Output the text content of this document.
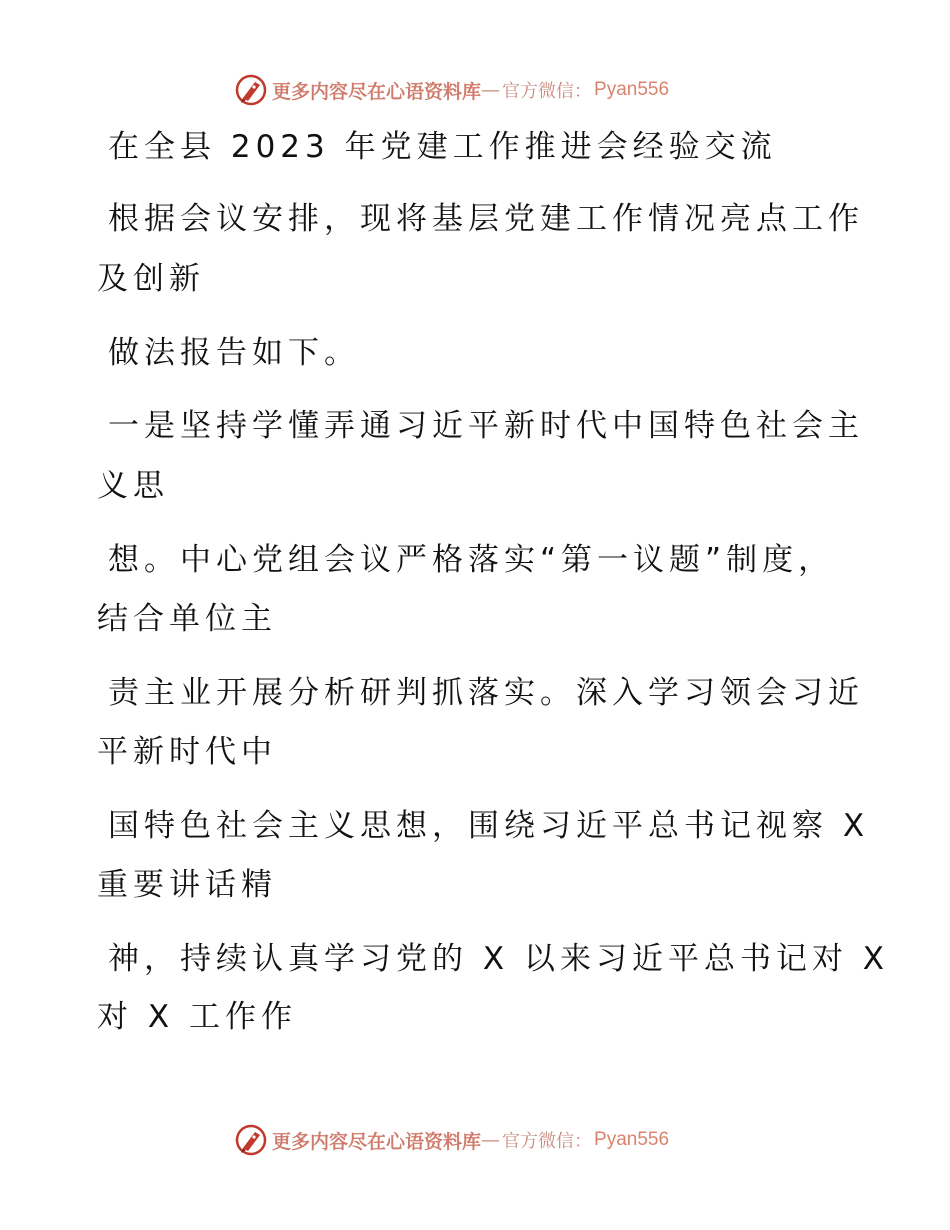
更多内容尽在心语资料库 — 官方微信： Pyan556
在全县 2023 年党建工作推进会经验交流
根据会议安排，现将基层党建工作情况亮点工作
及创新
做法报告如下。
一是坚持学懂弄通习近平新时代中国特色社会主
义思
想。中心党组会议严格落实“第一议题”制度，
结合单位主
责主业开展分析研判抓落实。深入学习领会习近
平新时代中
国特色社会主义思想，围绕习近平总书记视察 X
重要讲话精
神，持续认真学习党的 X 以来习近平总书记对 X
对 X 工作作
更多内容尽在心语资料库 — 官方微信： Pyan556
